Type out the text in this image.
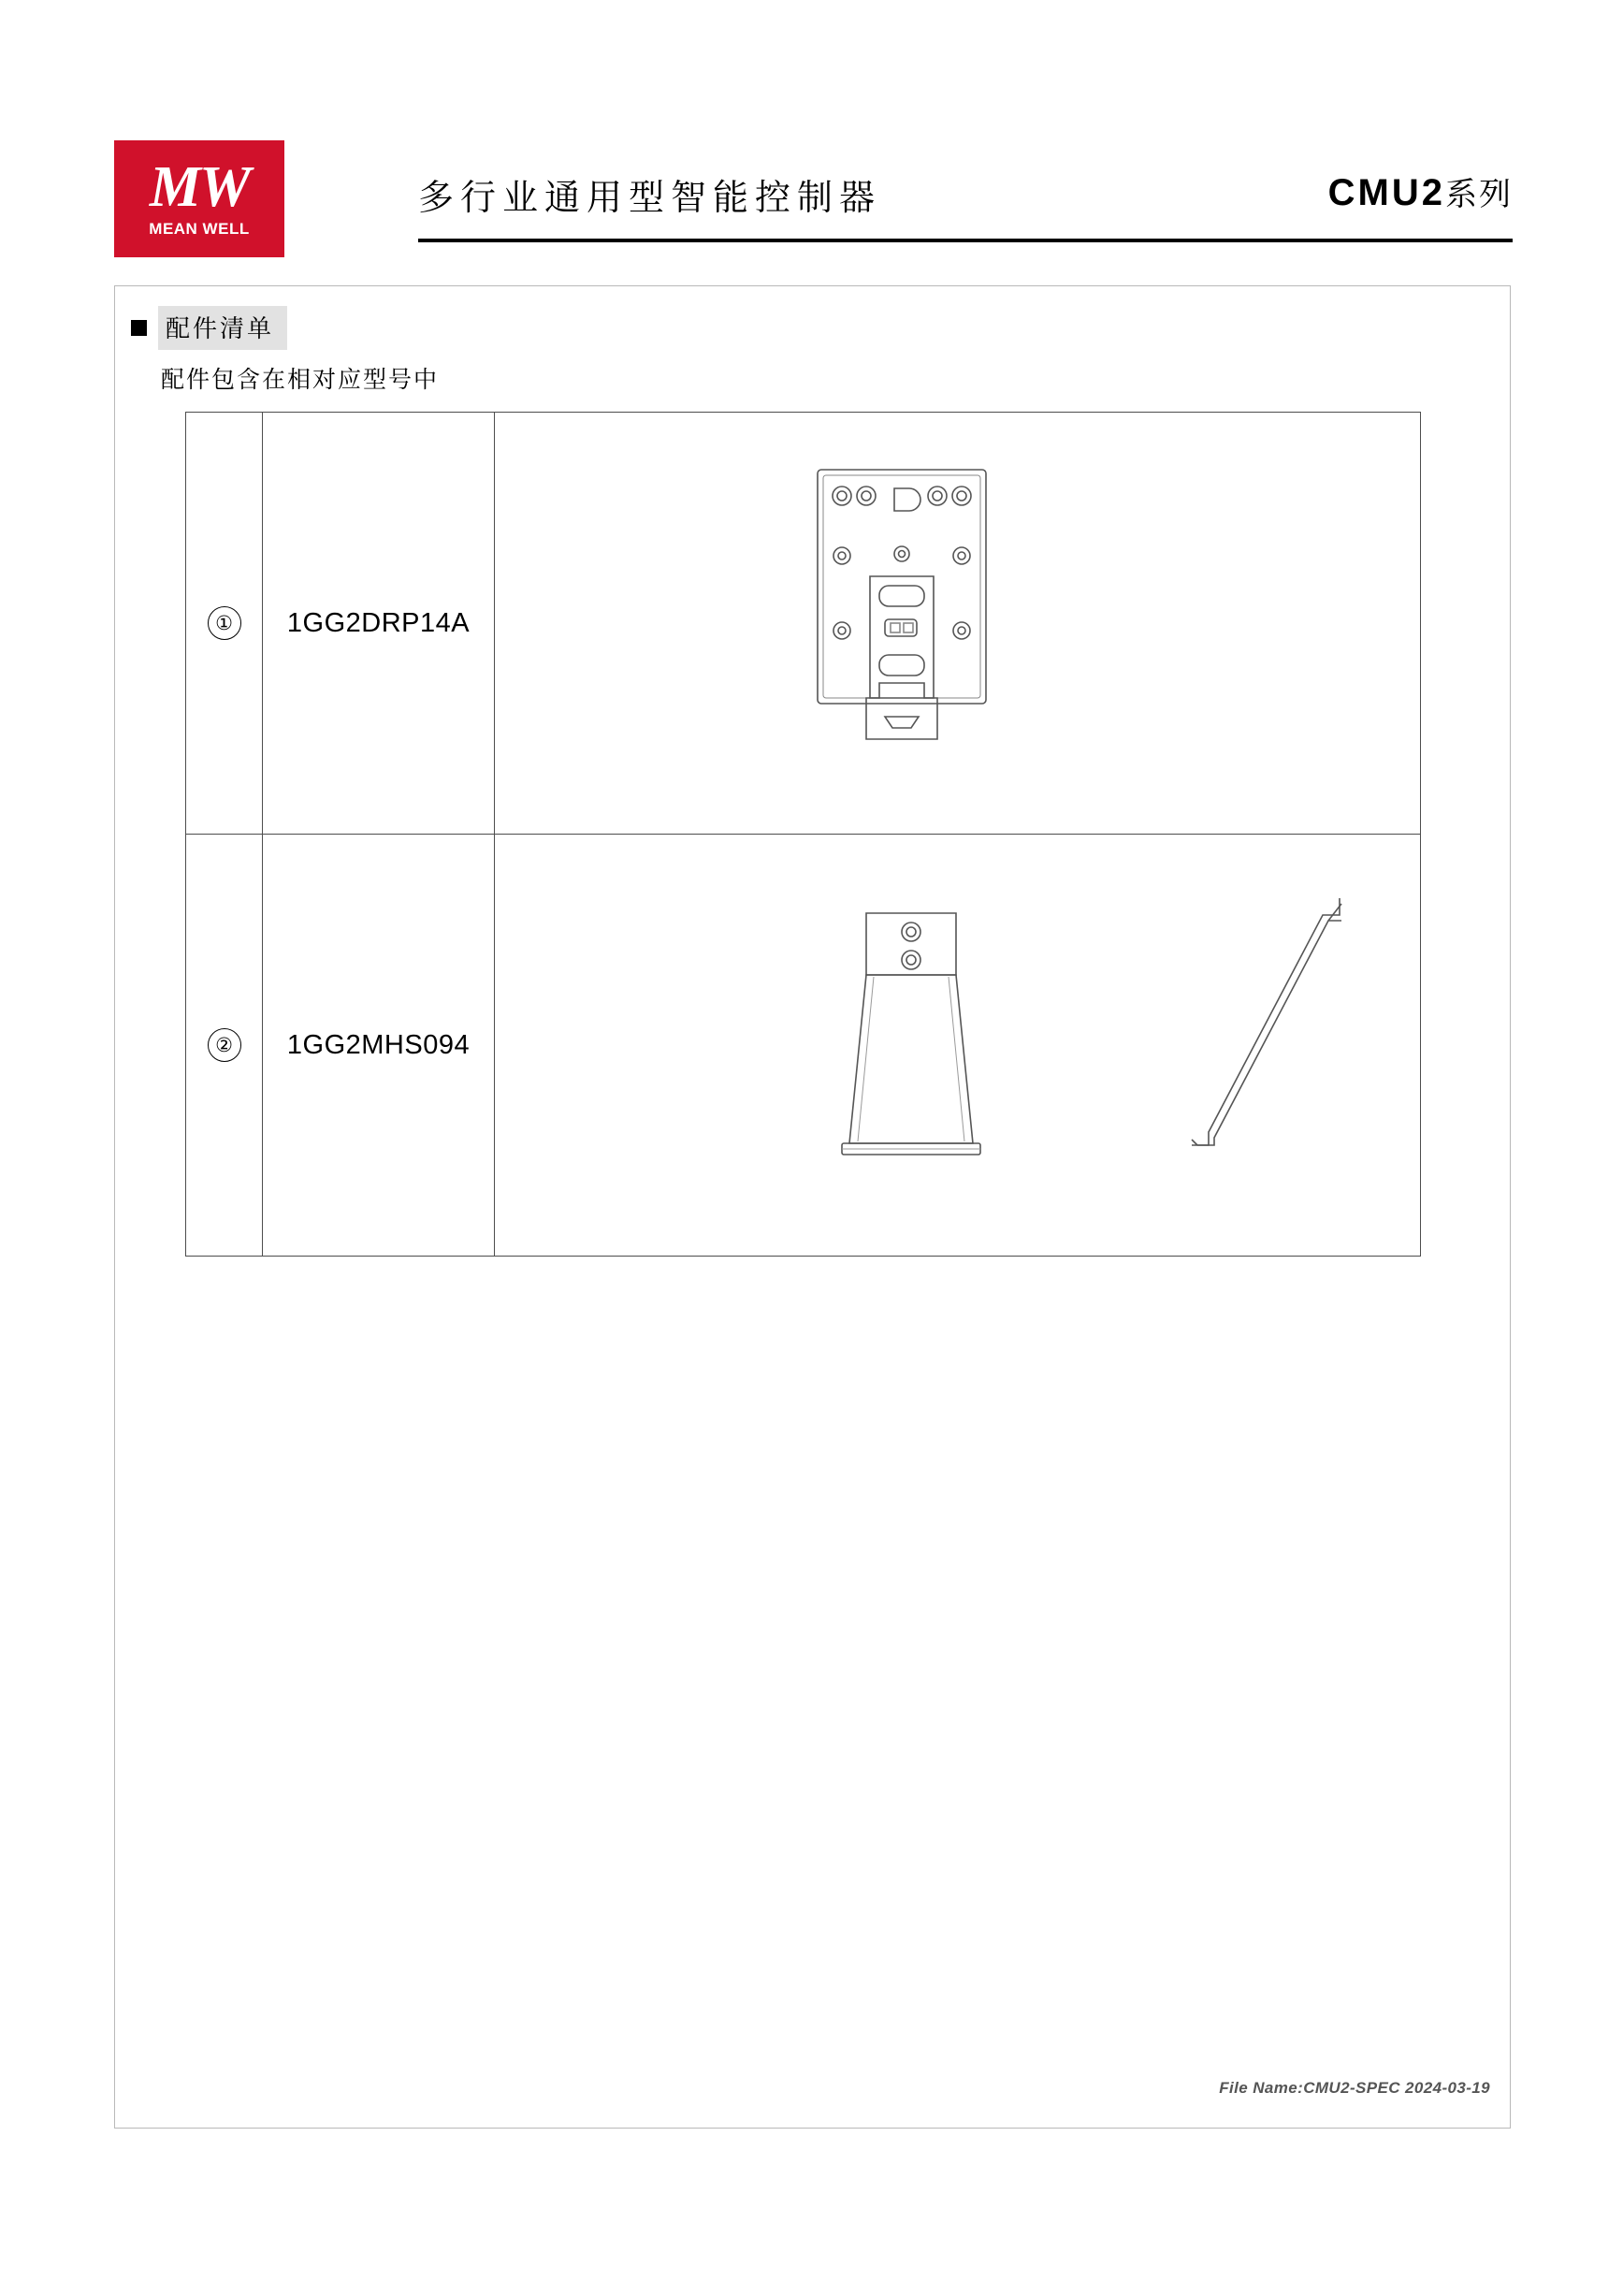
MW
MEAN WELL
多行业通用型智能控制器	CMU2系列
配件清单
配件包含在相对应型号中
①	1GG2DRP14A

②	1GG2MHS094

File Name:CMU2-SPEC 2024-03-19
